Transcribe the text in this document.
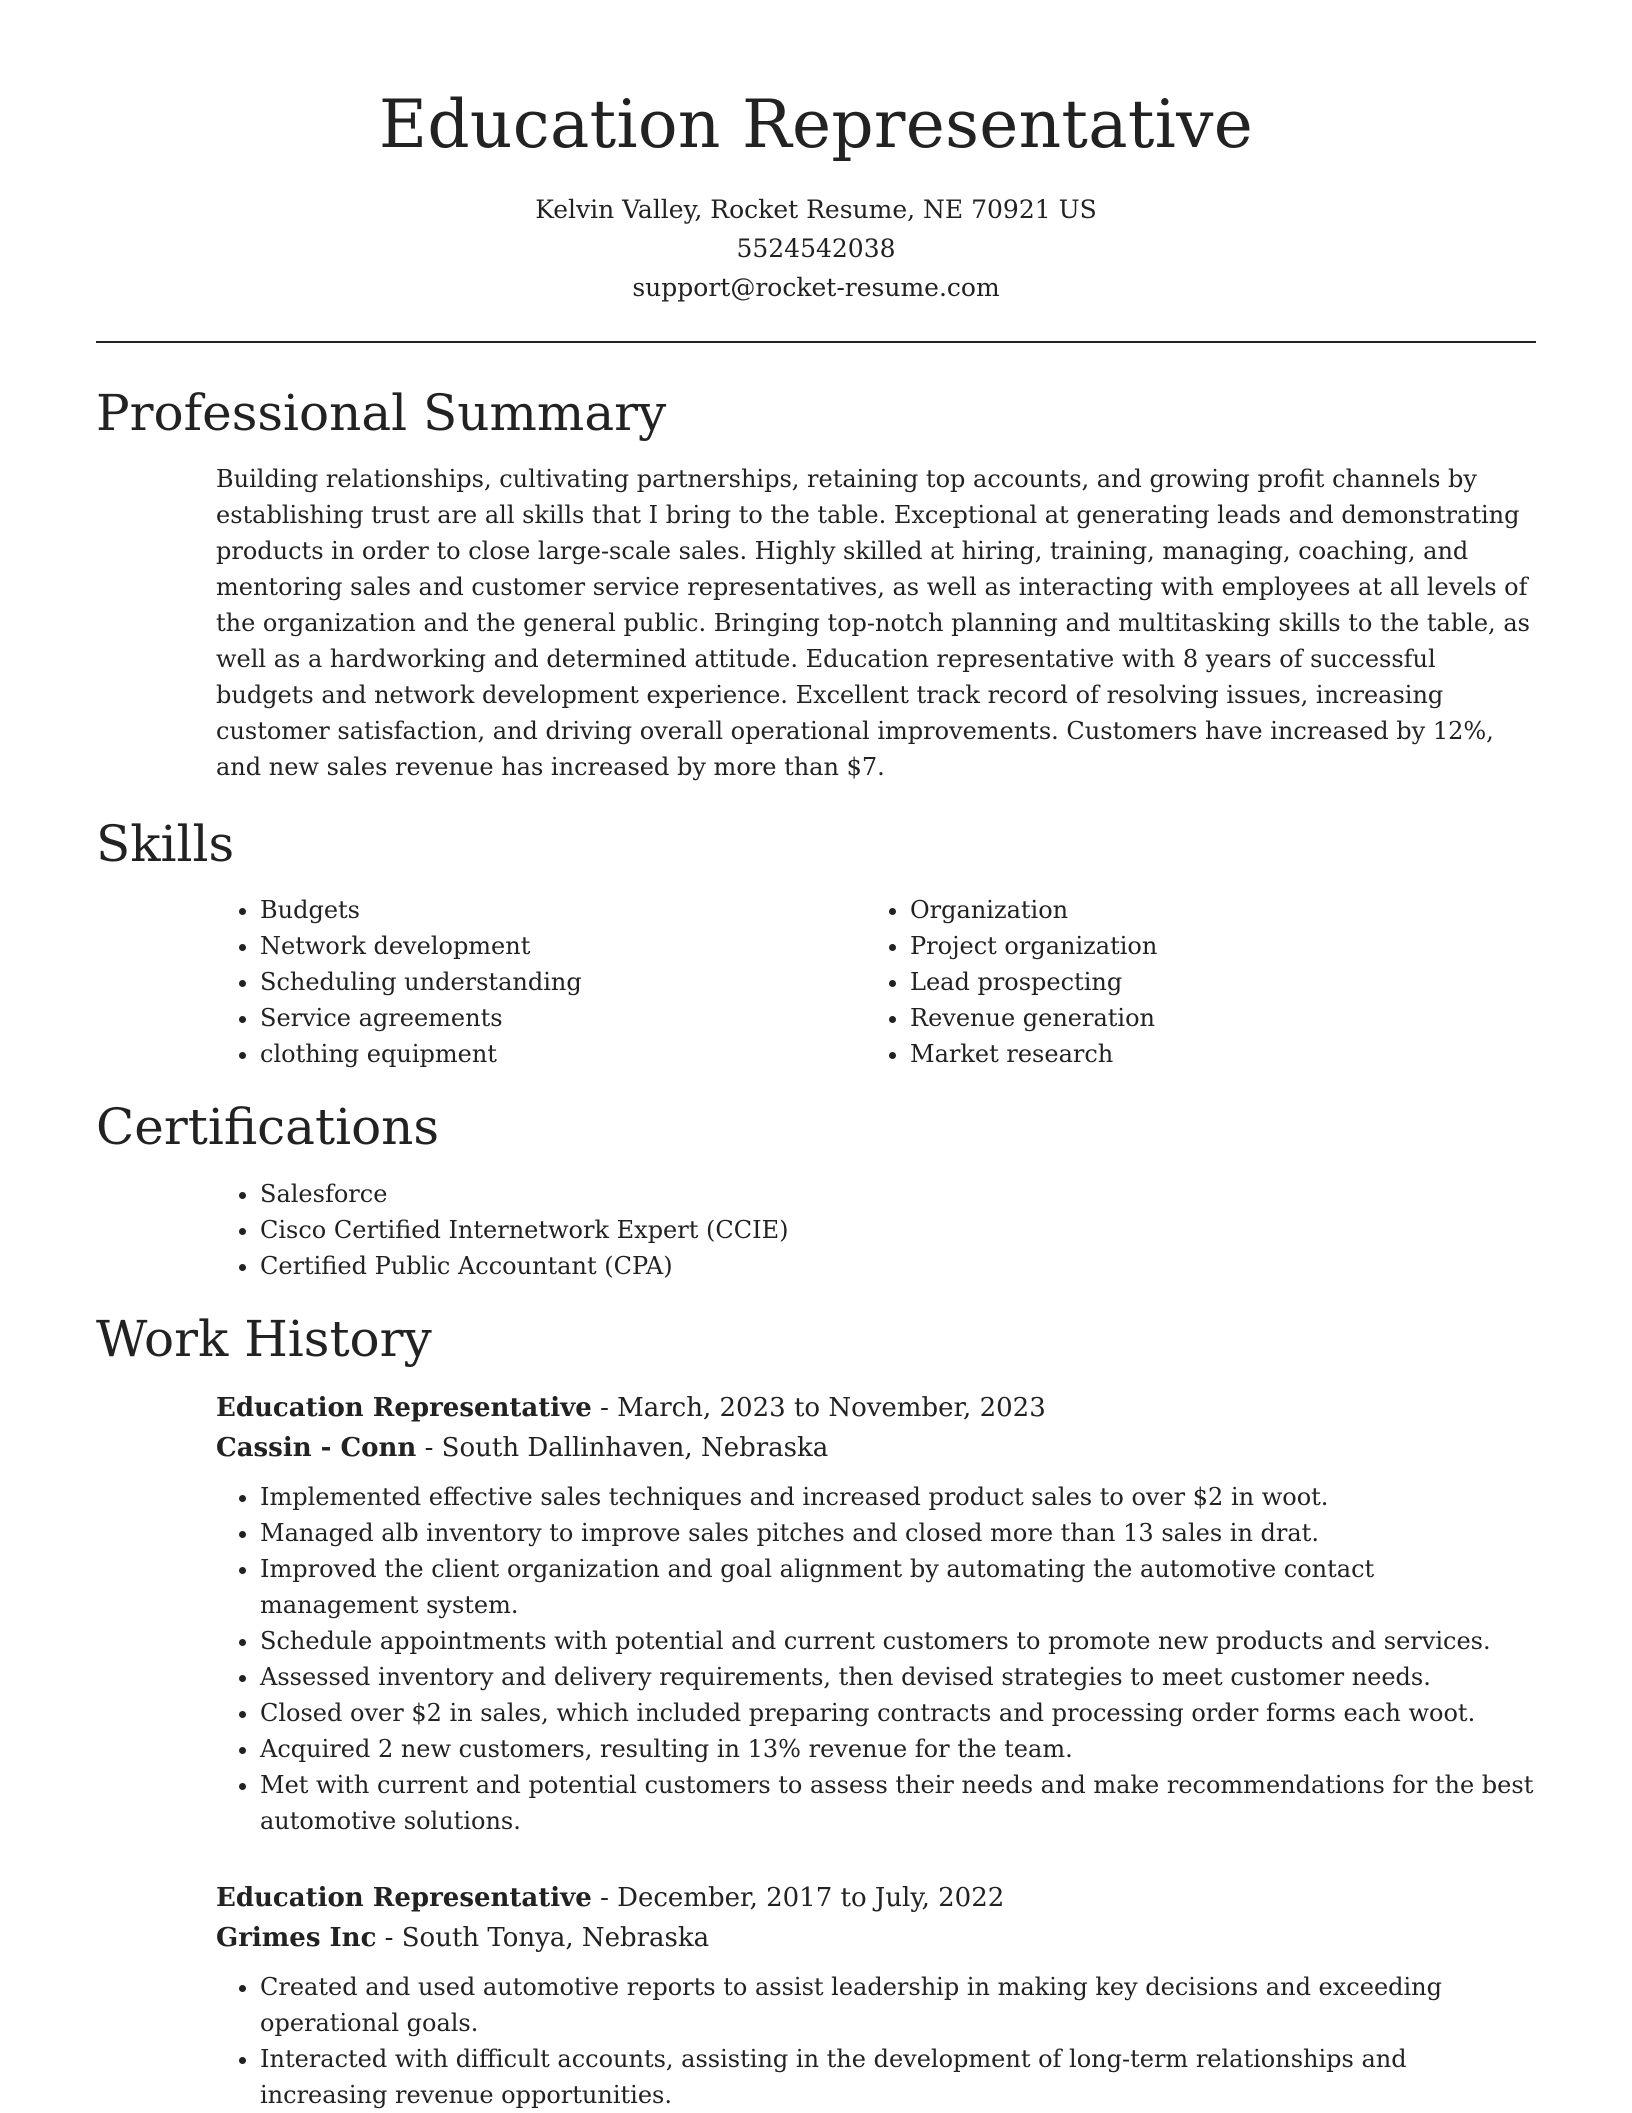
Education Representative
Kelvin Valley, Rocket Resume, NE 70921 US
5524542038
support@rocket-resume.com
Professional Summary

Building relationships, cultivating partnerships, retaining top accounts, and growing profit channels by establishing trust are all skills that I bring to the table. Exceptional at generating leads and demonstrating products in order to close large-scale sales. Highly skilled at hiring, training, managing, coaching, and mentoring sales and customer service representatives, as well as interacting with employees at all levels of the organization and the general public. Bringing top-notch planning and multitasking skills to the table, as well as a hardworking and determined attitude. Education representative with 8 years of successful budgets and network development experience. Excellent track record of resolving issues, increasing customer satisfaction, and driving overall operational improvements. Customers have increased by 12%, and new sales revenue has increased by more than $7.

Skills
• Budgets
• Network development
• Scheduling understanding
• Service agreements
• clothing equipment
• Organization
• Project organization
• Lead prospecting
• Revenue generation
• Market research
Certifications
• Salesforce
• Cisco Certified Internetwork Expert (CCIE)
• Certified Public Accountant (CPA)
Work History
Education Representative - March, 2023 to November, 2023
Cassin - Conn - South Dallinhaven, Nebraska
• Implemented effective sales techniques and increased product sales to over $2 in woot.
• Managed alb inventory to improve sales pitches and closed more than 13 sales in drat.
• Improved the client organization and goal alignment by automating the automotive contact management system.
• Schedule appointments with potential and current customers to promote new products and services.
• Assessed inventory and delivery requirements, then devised strategies to meet customer needs.
• Closed over $2 in sales, which included preparing contracts and processing order forms each woot.
• Acquired 2 new customers, resulting in 13% revenue for the team.
• Met with current and potential customers to assess their needs and make recommendations for the best automotive solutions.
Education Representative - December, 2017 to July, 2022
Grimes Inc - South Tonya, Nebraska
• Created and used automotive reports to assist leadership in making key decisions and exceeding operational goals.
• Interacted with difficult accounts, assisting in the development of long-term relationships and increasing revenue opportunities.
